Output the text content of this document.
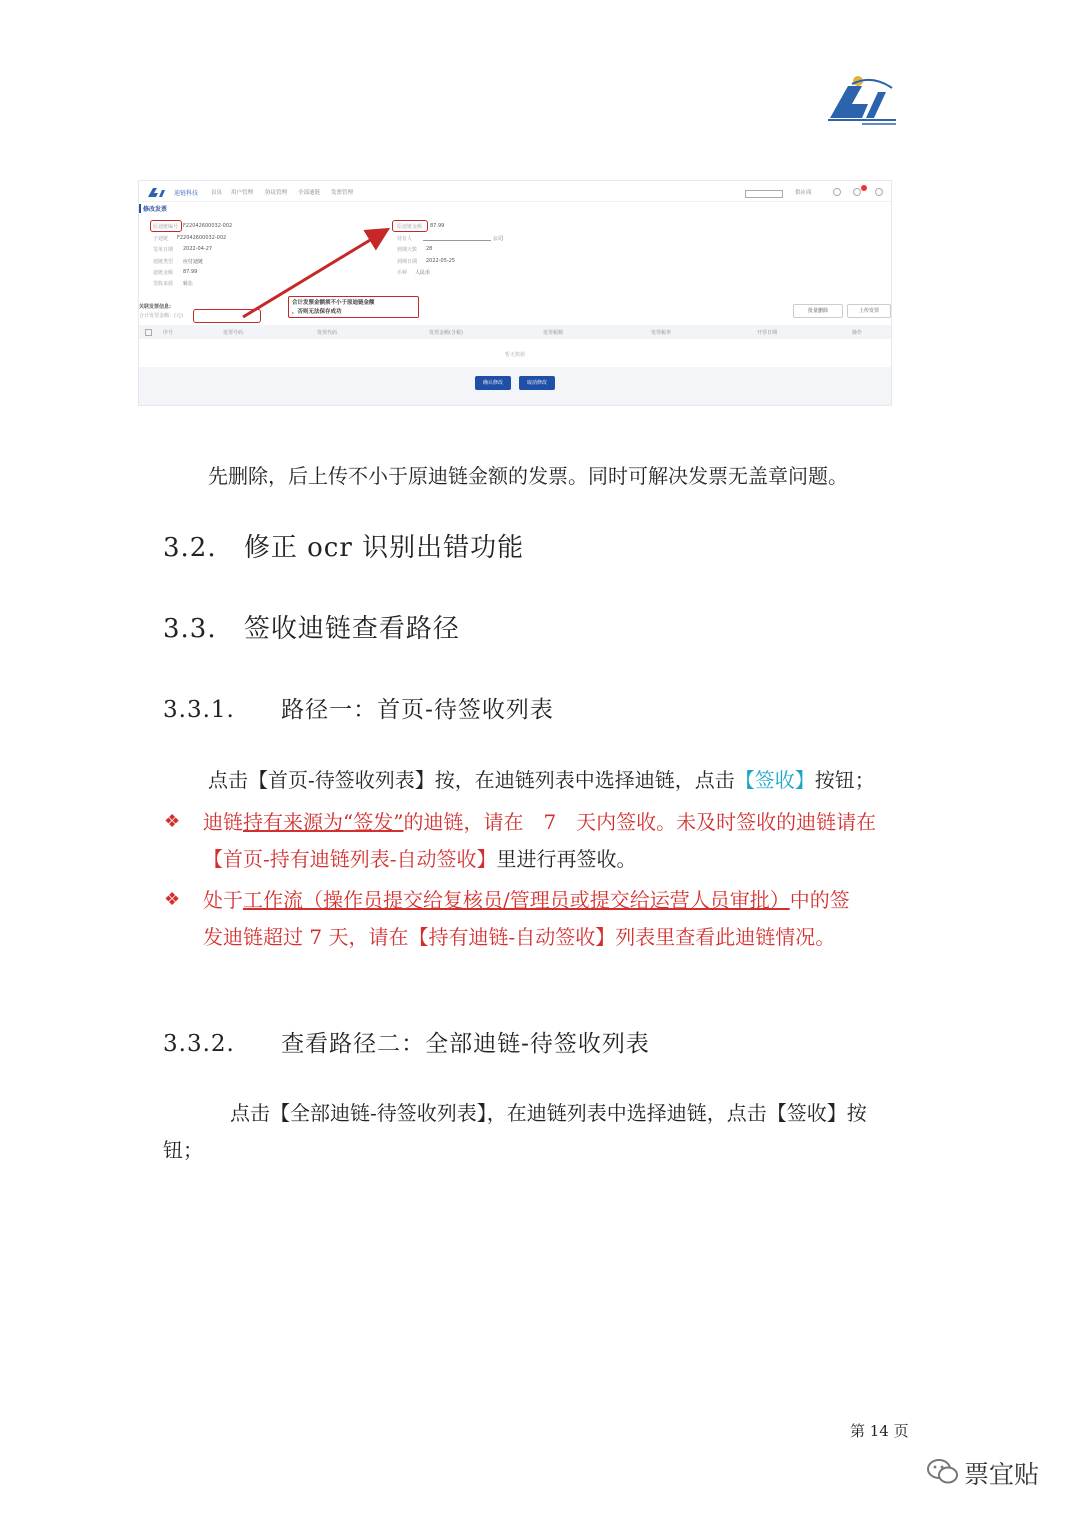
迪链科技 首页 用户管理 协议管理 全部迪链 发票管理	供应商
修改发票
原迪链编号 F22042600032-002
子迪链 F22042600032-002
签单日期 2022-04-27
迪链类型 应付迪链
迪链金额 87.99
签收来源 转让
原迪链金额 87.99
持有人	公司
到期天数 28
到期日期 2022-05-25
币种 人民币
关联发票信息:
合计发票金额：(元)
合计发票金额须不小于原迪链金额
，否则无法保存成功	批量删除	上传发票
序号	发票号码	发票代码	发票金额(含税)	发票税额	发票税率	开票日期	操作
暂无数据
确认修改	取消修改
先删除，后上传不小于原迪链金额的发票。同时可解决发票无盖章问题。
3.2. 修正 ocr 识别出错功能
3.3. 签收迪链查看路径
3.3.1. 路径一：首页-待签收列表
点击【首页-待签收列表】按，在迪链列表中选择迪链，点击【签收】按钮；
❖ 迪链持有来源为“签发”的迪链，请在　7　天内签收。未及时签收的迪链请在
【首页-持有迪链列表-自动签收】里进行再签收。
❖ 处于工作流（操作员提交给复核员/管理员或提交给运营人员审批）中的签
发迪链超过 7 天，请在【持有迪链-自动签收】列表里查看此迪链情况。
3.3.2. 查看路径二：全部迪链-待签收列表
点击【全部迪链-待签收列表】，在迪链列表中选择迪链，点击【签收】按
钮；
第 14 页
票宜贴
